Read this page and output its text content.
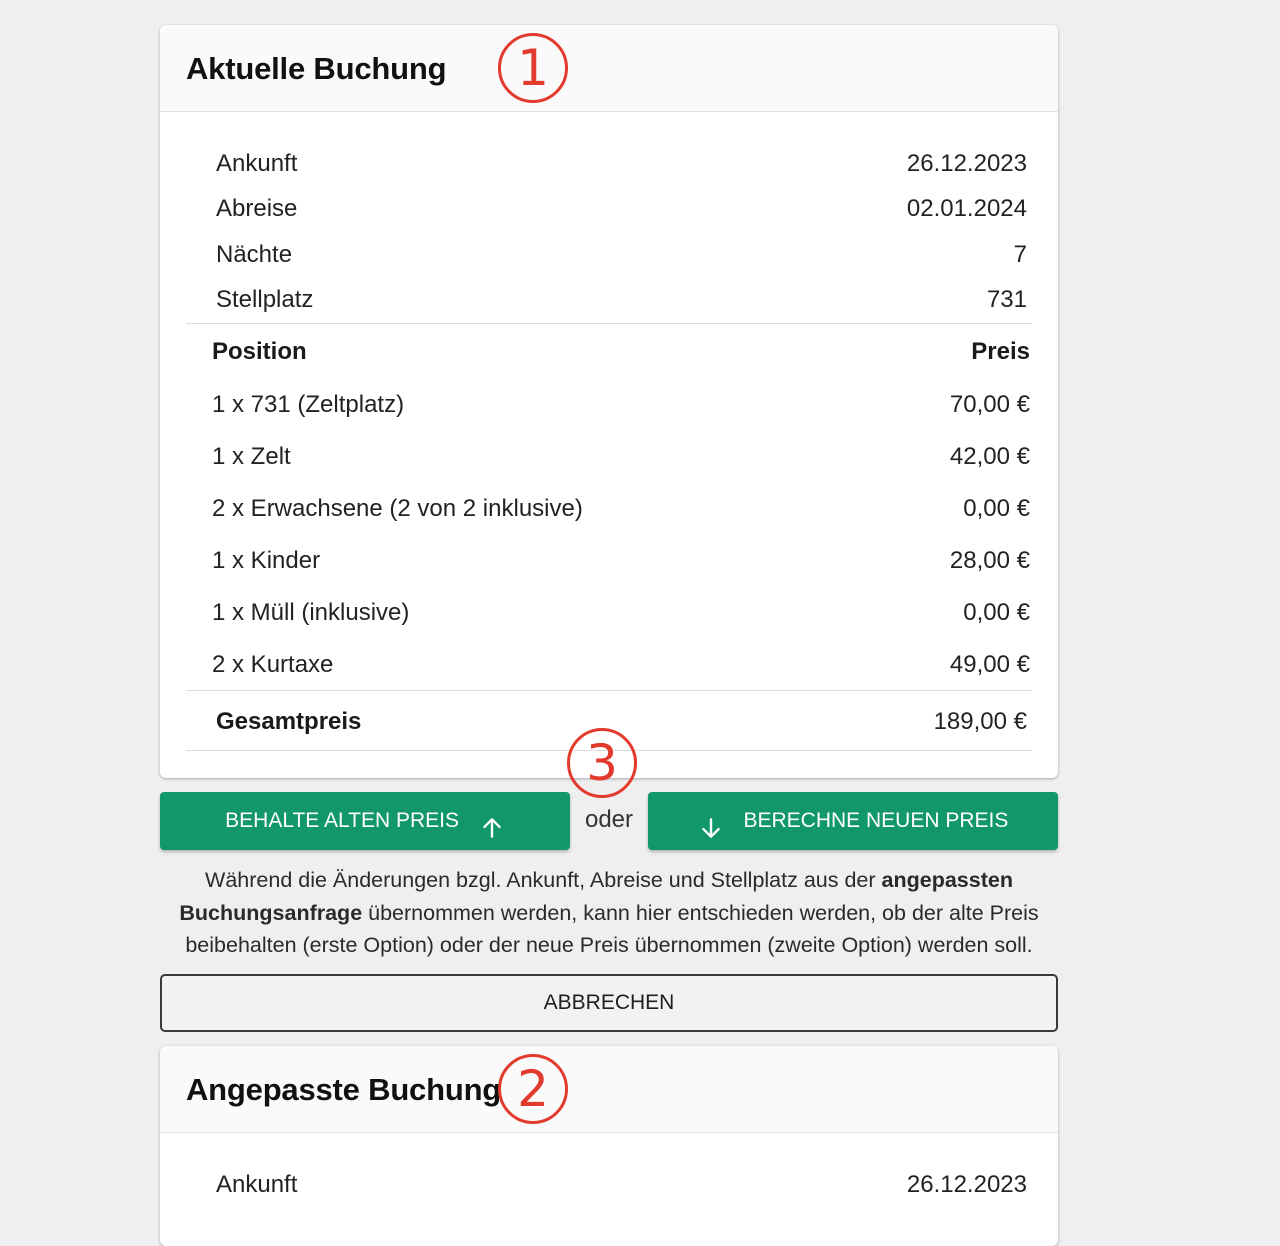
Aktuelle Buchung	1
Ankunft	26.12.2023
Abreise	02.01.2024
Nächte	7
Stellplatz	731
Position	Preis
1 x 731 (Zeltplatz)	70,00 €
1 x Zelt	42,00 €
2 x Erwachsene (2 von 2 inklusive)	0,00 €
1 x Kinder	28,00 €
1 x Müll (inklusive)	0,00 €
2 x Kurtaxe	49,00 €
Gesamtpreis	189,00 €
3
BEHALTE ALTEN PREIS	oder	BERECHNE NEUEN PREIS
Während die Änderungen bzgl. Ankunft, Abreise und Stellplatz aus der angepassten Buchungsanfrage übernommen werden, kann hier entschieden werden, ob der alte Preis beibehalten (erste Option) oder der neue Preis übernommen (zweite Option) werden soll.
ABBRECHEN
Angepasste Buchung 2
Ankunft	26.12.2023
